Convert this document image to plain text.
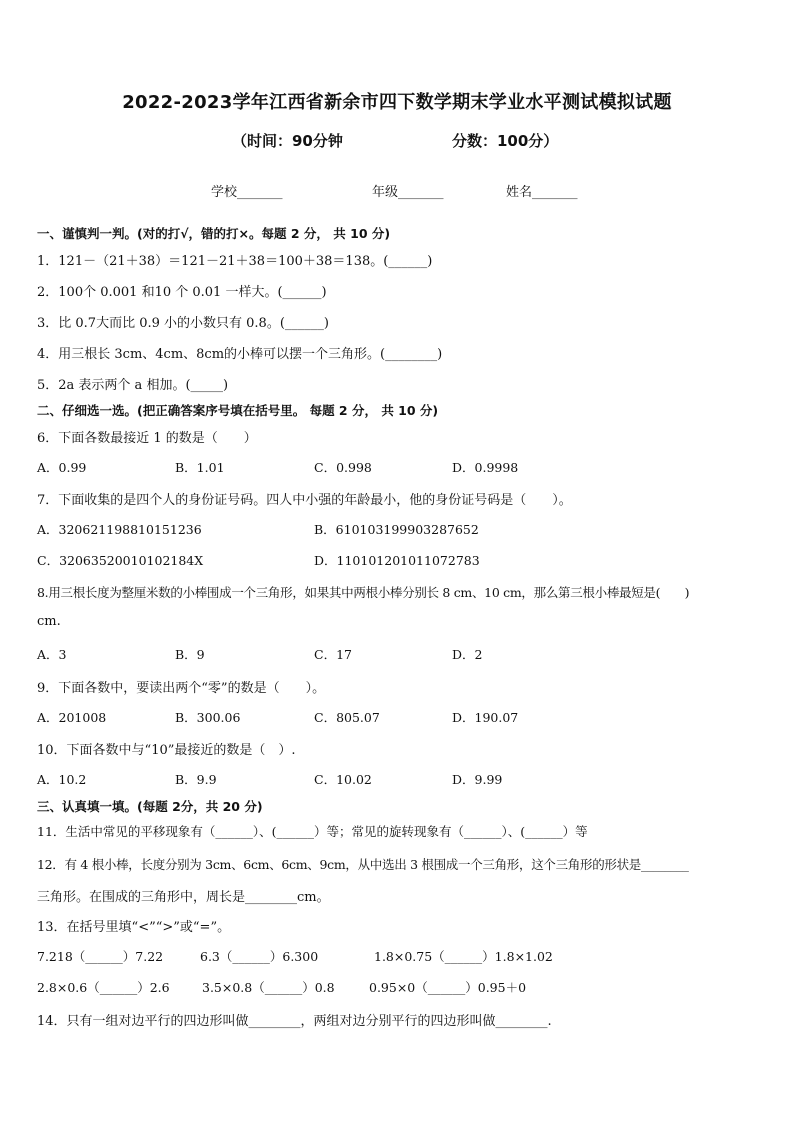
2022-2023学年江西省新余市四下数学期末学业水平测试模拟试题
（时间：90分钟	分数：100分）
学校_______	年级_______	姓名_______
一、谨慎判一判。(对的打√，错的打×。每题 2 分， 共 10 分)
1．121－（21＋38）＝121－21＋38＝100＋38＝138。(______)
2．100个 0.001 和10 个 0.01 一样大。(______)
3．比 0.7大而比 0.9 小的小数只有 0.8。(______)
4．用三根长 3cm、4cm、8cm的小棒可以摆一个三角形。(________)
5．2a 表示两个 a 相加。(_____)
二、仔细选一选。(把正确答案序号填在括号里。 每题 2 分， 共 10 分)
6．下面各数最接近 1 的数是（　　）
A．0.99	B．1.01	C．0.998	D．0.9998
7．下面收集的是四个人的身份证号码。四人中小强的年龄最小，他的身份证号码是（　　）。
A．320621198810151236	B．610103199903287652
C．32063520010102184X	D．110101201011072783
8.用三根长度为整厘米数的小棒围成一个三角形，如果其中两根小棒分别长 8 cm、10 cm，那么第三根小棒最短是(　　)
cm.
A．3	B．9	C．17	D．2
9．下面各数中，要读出两个“零”的数是（　　）。
A．201008	B．300.06	C．805.07	D．190.07
10．下面各数中与“10”最接近的数是（　）.
A．10.2	B．9.9	C．10.02	D．9.99
三、认真填一填。(每题 2分，共 20 分)
11．生活中常见的平移现象有（______）、(______）等；常见的旋转现象有（______）、(______）等
12．有 4 根小棒，长度分别为 3cm、6cm、6cm、9cm，从中选出 3 根围成一个三角形，这个三角形的形状是________
三角形。在围成的三角形中，周长是________cm。
13．在括号里填“<”“>”或“=”。
7.218（______）7.22	6.3（______）6.300	1.8×0.75（______）1.8×1.02
2.8×0.6（______）2.6	3.5×0.8（______）0.8	0.95×0（______）0.95＋0
14．只有一组对边平行的四边形叫做________，两组对边分别平行的四边形叫做________.
